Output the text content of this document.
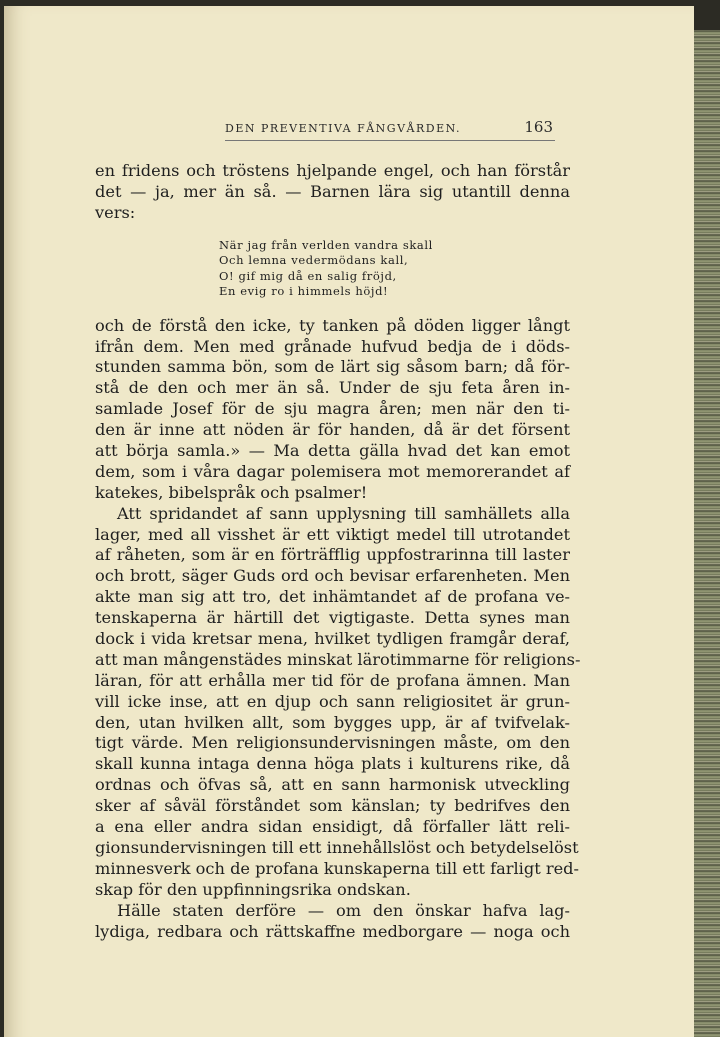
DEN PREVENTIVA FÅNGVÅRDEN.	163
en fridens och tröstens hjelpande engel, och han förstår
det — ja, mer än så. — Barnen lära sig utantill denna
vers:
När jag från verlden vandra skall
Och lemna vedermödans kall,
O! gif mig då en salig fröjd,
En evig ro i himmels höjd!
och de förstå den icke, ty tanken på döden ligger långt
ifrån dem. Men med grånade hufvud bedja de i döds-
stunden samma bön, som de lärt sig såsom barn; då för-
stå de den och mer än så. Under de sju feta åren in-
samlade Josef för de sju magra åren; men när den ti-
den är inne att nöden är för handen, då är det försent
att börja samla.» — Ma detta gälla hvad det kan emot
dem, som i våra dagar polemisera mot memorerandet af
katekes, bibelspråk och psalmer!
Att spridandet af sann upplysning till samhällets alla
lager, med all visshet är ett viktigt medel till utrotandet
af råheten, som är en förträfflig uppfostrarinna till laster
och brott, säger Guds ord och bevisar erfarenheten. Men
akte man sig att tro, det inhämtandet af de profana ve-
tenskaperna är härtill det vigtigaste. Detta synes man
dock i vida kretsar mena, hvilket tydligen framgår deraf,
att man mångenstädes minskat lärotimmarne för religions-
läran, för att erhålla mer tid för de profana ämnen. Man
vill icke inse, att en djup och sann religiositet är grun-
den, utan hvilken allt, som bygges upp, är af tvifvelak-
tigt värde. Men religionsundervisningen måste, om den
skall kunna intaga denna höga plats i kulturens rike, då
ordnas och öfvas så, att en sann harmonisk utveckling
sker af såväl förståndet som känslan; ty bedrifves den
a ena eller andra sidan ensidigt, då förfaller lätt reli-
gionsundervisningen till ett innehållslöst och betydelselöst
minnesverk och de profana kunskaperna till ett farligt red-
skap för den uppfinningsrika ondskan.
Hälle staten derföre — om den önskar hafva lag-
lydiga, redbara och rättskaffne medborgare — noga och
